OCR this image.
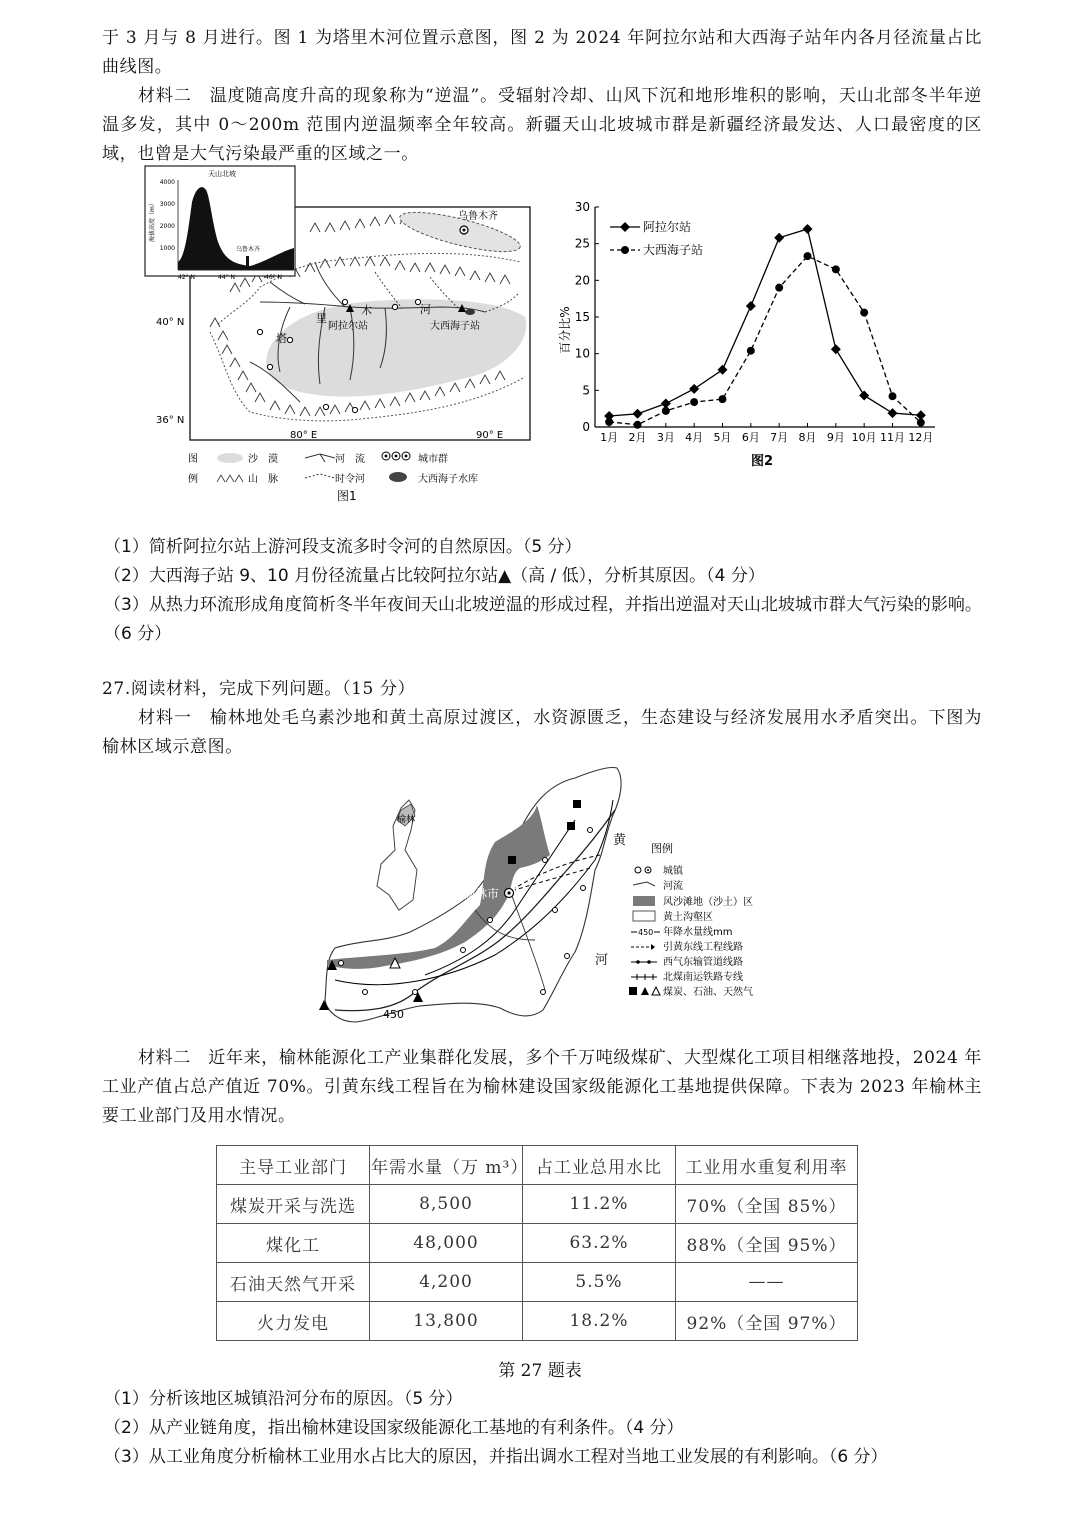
于 3 月与 8 月进行。图 1 为塔里木河位置示意图，图 2 为 2024 年阿拉尔站和大西海子站年内各月径流量占比曲线图。
材料二　温度随高度升高的现象称为“逆温”。受辐射冷却、山风下沉和地形堆积的影响，天山北部冬半年逆温多发，其中 0～200m 范围内逆温频率全年较高。新疆天山北坡城市群是新疆经济最发达、人口最密度的区域，也曾是大气污染最严重的区域之一。
乌鲁木齐
阿拉尔站	大西海子站
塔
里
木	河
40° N
36° N
80° E	90° E
天山北坡
4000
3000
2000
1000
海拔高度（m）
42° N	44° N	46° N
乌鲁木齐
图
例
沙　漠
山　脉
河　流
时令河
城市群
大西海子水库
图1
0
5
10
15
20
25
30
1月 2月 3月 4月 5月 6月 7月 8月 9月 10月 11月 12月
阿拉尔站
大西海子站
百分比%
图2
（1）简析阿拉尔站上游河段支流多时令河的自然原因。（5 分）
（2）大西海子站 9、10 月份径流量占比较阿拉尔站▲（高 / 低），分析其原因。（4 分）
（3）从热力环流形成角度简析冬半年夜间天山北坡逆温的形成过程，并指出逆温对天山北坡城市群大气污染的影响。（6 分）
27.阅读材料，完成下列问题。（15 分）
材料一　榆林地处毛乌素沙地和黄土高原过渡区，水资源匮乏，生态建设与经济发展用水矛盾突出。下图为榆林区域示意图。
榆林
450
榆林市
黄
河
图例
城镇
河流
风沙滩地（沙土）区
黄土沟壑区
450 年降水量线mm
引黄东线工程线路
西气东输管道线路
北煤南运铁路专线
煤炭、石油、天然气
材料二　近年来，榆林能源化工产业集群化发展，多个千万吨级煤矿、大型煤化工项目相继落地投，2024 年工业产值占总产值近 70%。引黄东线工程旨在为榆林建设国家级能源化工基地提供保障。下表为 2023 年榆林主要工业部门及用水情况。
主导工业部门	年需水量（万 m³）	占工业总用水比	工业用水重复利用率
煤炭开采与洗选	8,500	11.2%	70%（全国 85%）
煤化工	48,000	63.2%	88%（全国 95%）
石油天然气开采	4,200	5.5%	——
火力发电	13,800	18.2%	92%（全国 97%）
第 27 题表
（1）分析该地区城镇沿河分布的原因。（5 分）
（2）从产业链角度，指出榆林建设国家级能源化工基地的有利条件。（4 分）
（3）从工业角度分析榆林工业用水占比大的原因，并指出调水工程对当地工业发展的有利影响。（6 分）
